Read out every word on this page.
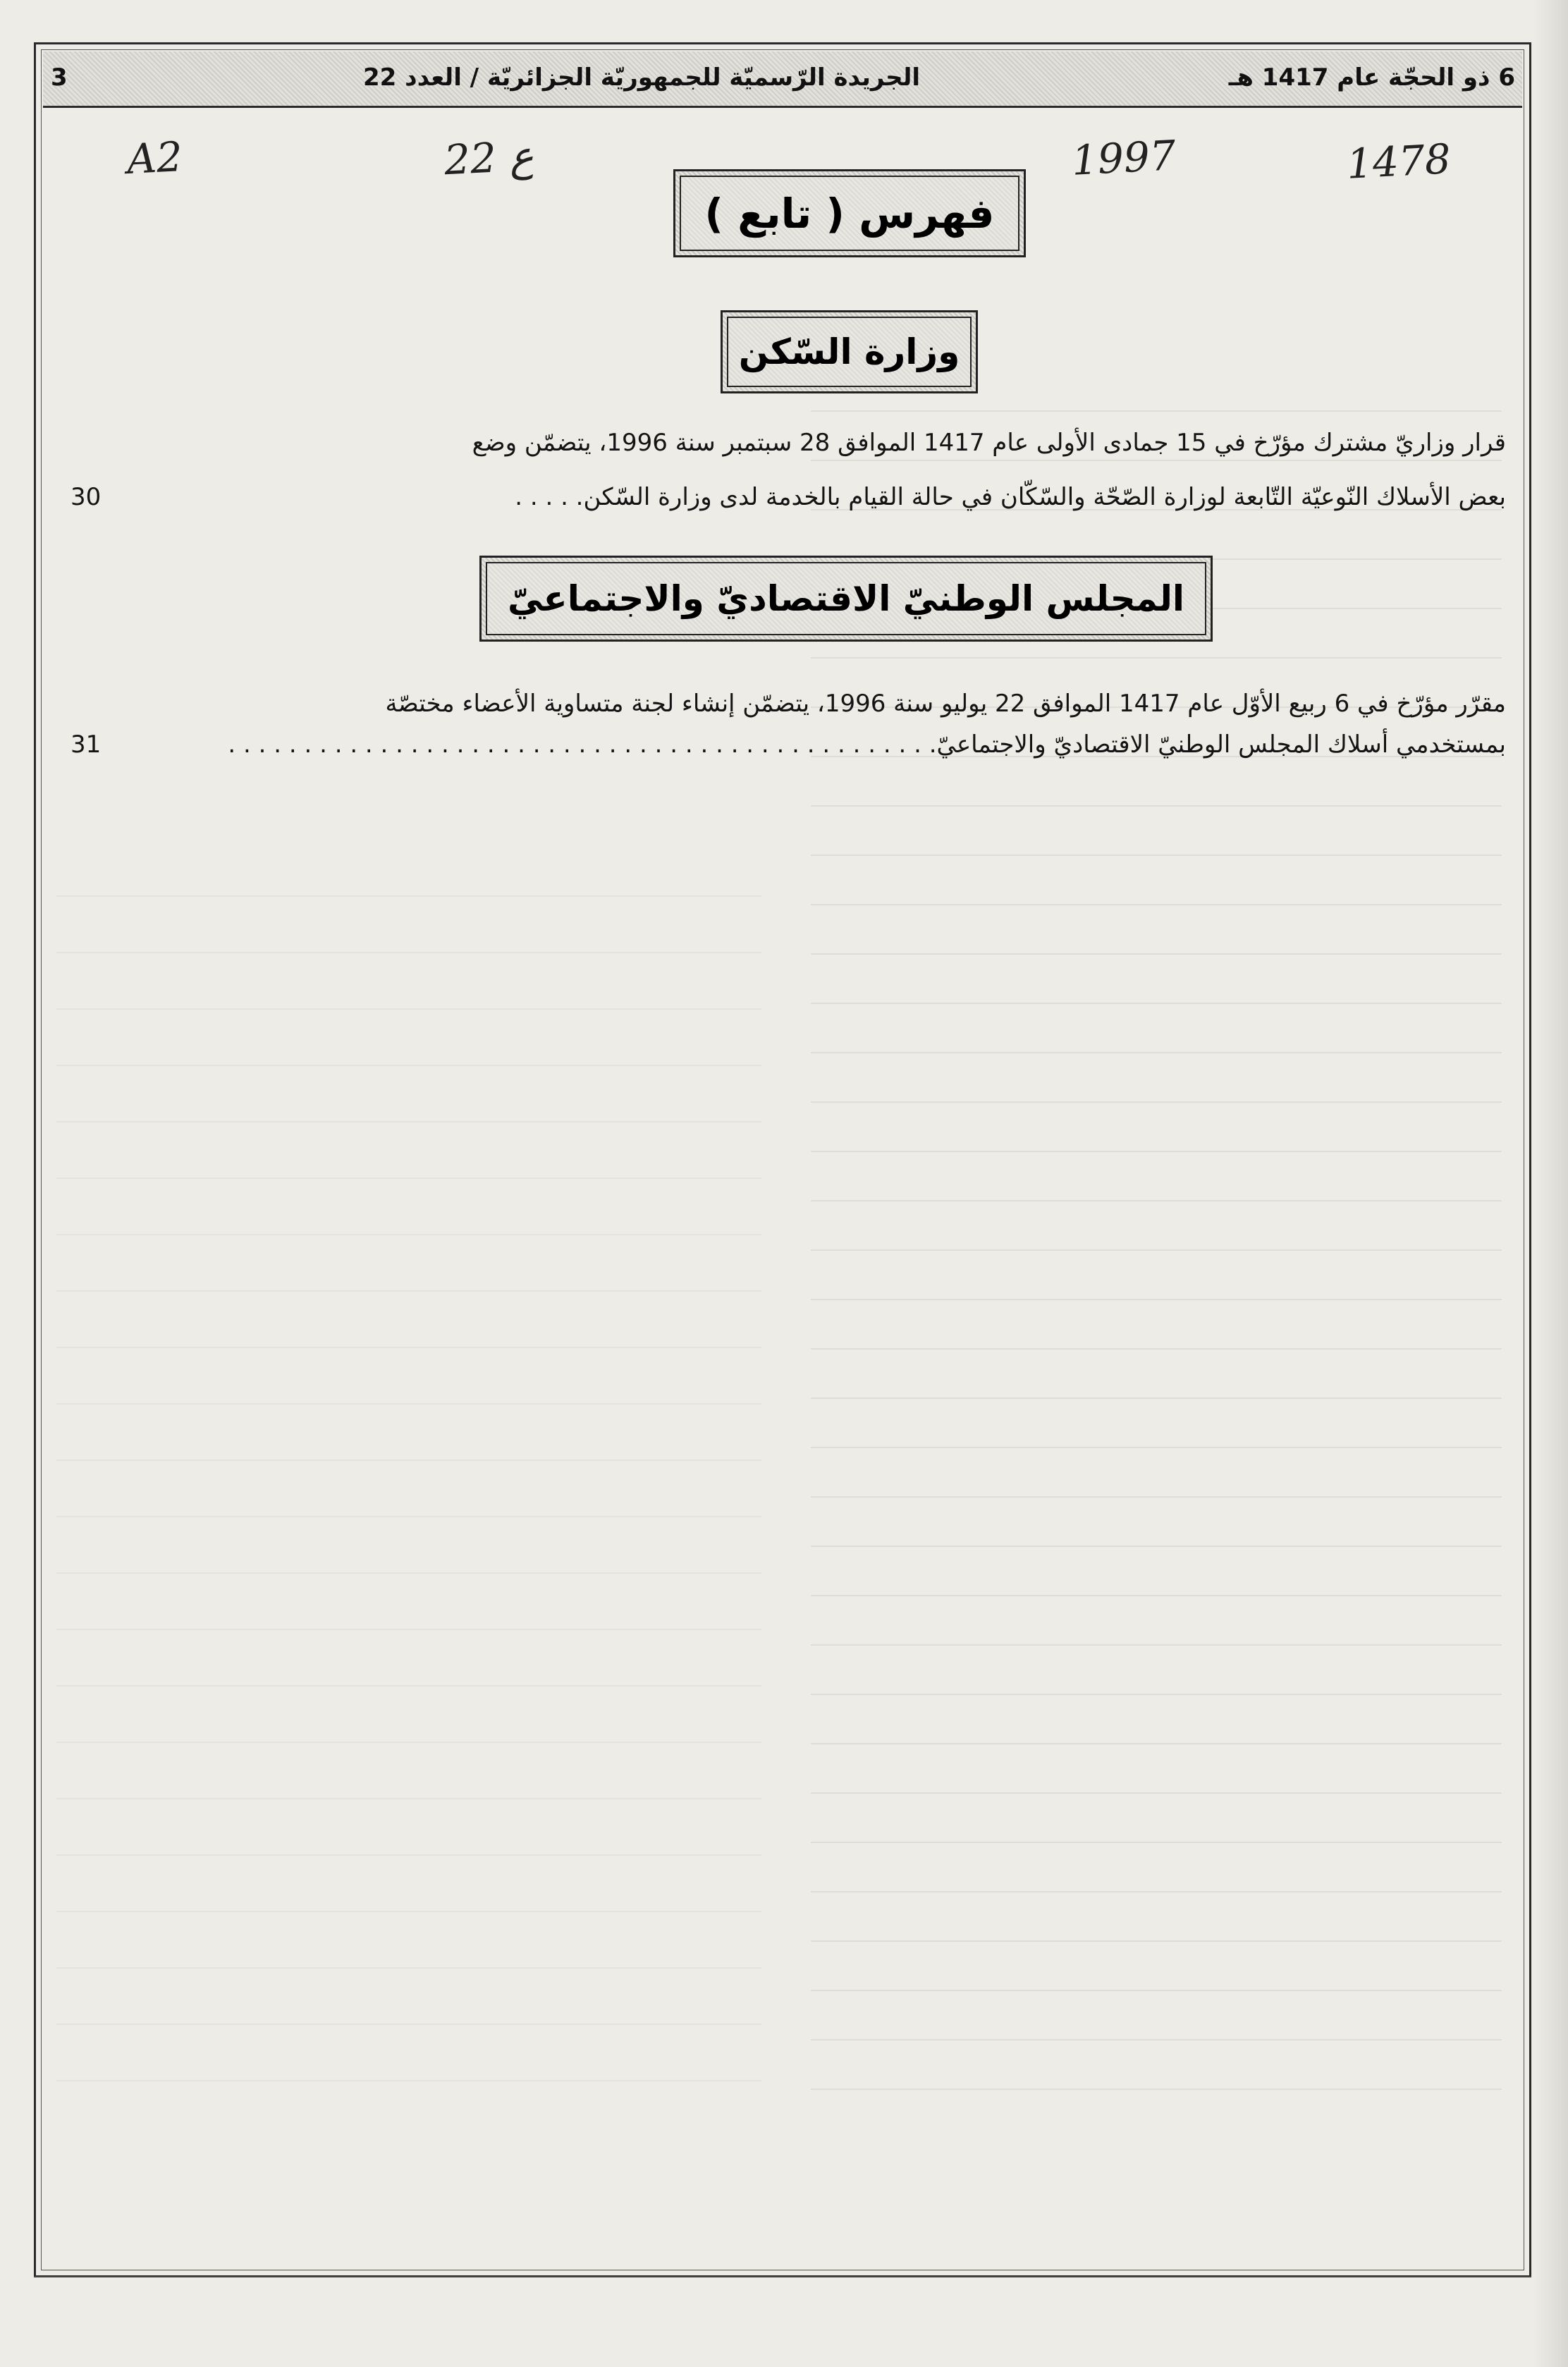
6 ذو الحجّة عام 1417 هـ
الجريدة الرّسميّة للجمهوريّة الجزائريّة / العدد 22
3
A2	22 ع	1997	1478
فهرس ( تابع )
وزارة السّكن
قرار وزاريّ مشترك مؤرّخ في 15 جمادى الأولى عام 1417 الموافق 28 سبتمبر سنة 1996، يتضمّن وضع
بعض الأسلاك النّوعيّة التّابعة لوزارة الصّحّة والسّكّان في حالة القيام بالخدمة لدى وزارة السّكن. . . . .
30
المجلس الوطنيّ الاقتصاديّ والاجتماعيّ
مقرّر مؤرّخ في 6 ربيع الأوّل عام 1417 الموافق 22 يوليو سنة 1996، يتضمّن إنشاء لجنة متساوية الأعضاء مختصّة
بمستخدمي أسلاك المجلس الوطنيّ الاقتصاديّ والاجتماعيّ. . . . . . . . . . . . . . . . . . . . . . . . . . . . . . . . . . . . . . . . . . . . . . .
31
